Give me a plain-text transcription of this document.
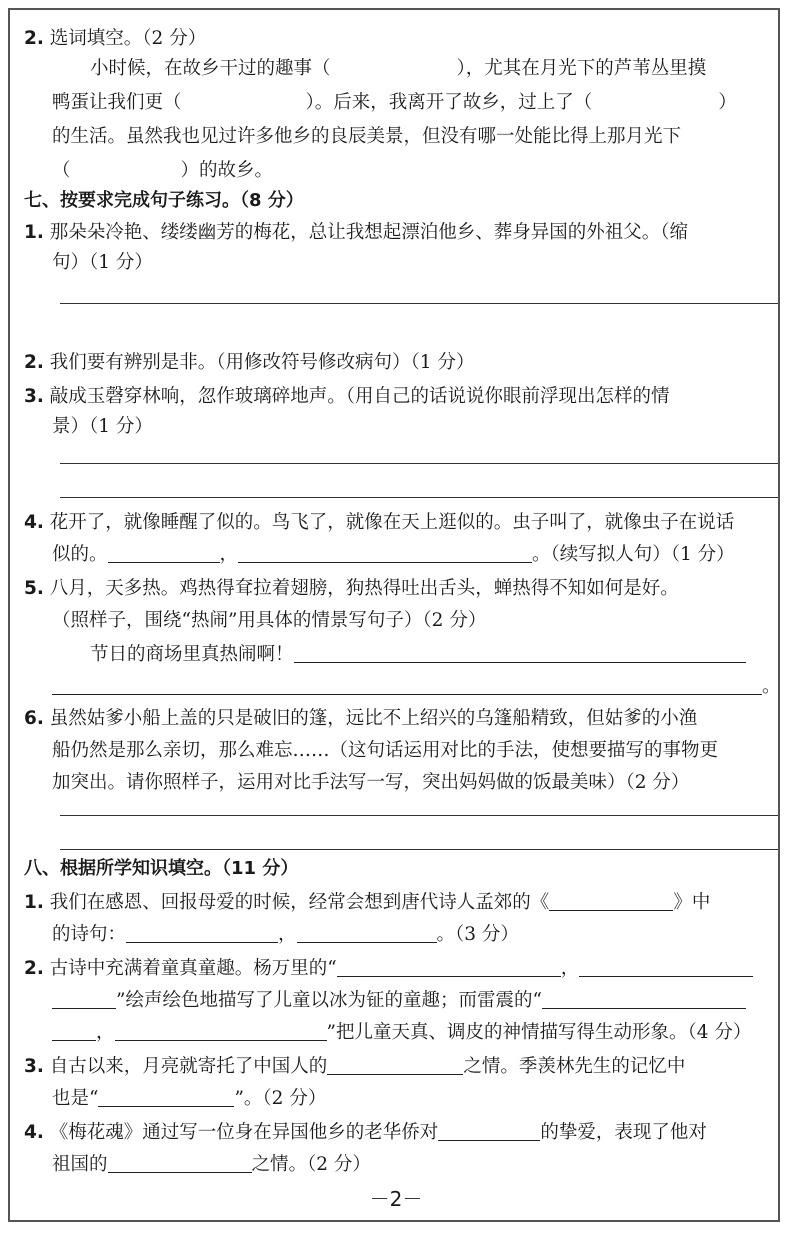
2. 选词填空。（2 分）
小时候，在故乡干过的趣事（	），尤其在月光下的芦苇丛里摸
鸭蛋让我们更（	）。后来，我离开了故乡，过上了（	）
的生活。虽然我也见过许多他乡的良辰美景，但没有哪一处能比得上那月光下
（	）的故乡。
七、按要求完成句子练习。（8 分）
1. 那朵朵冷艳、缕缕幽芳的梅花，总让我想起漂泊他乡、葬身异国的外祖父。（缩
句）（1 分）
2. 我们要有辨别是非。（用修改符号修改病句）（1 分）
3. 敲成玉磬穿林响，忽作玻璃碎地声。（用自己的话说说你眼前浮现出怎样的情
景）（1 分）
4. 花开了，就像睡醒了似的。鸟飞了，就像在天上逛似的。虫子叫了，就像虫子在说话
似的。	，	。（续写拟人句）（1 分）
5. 八月，天多热。鸡热得耷拉着翅膀，狗热得吐出舌头，蝉热得不知如何是好。
（照样子，围绕“热闹”用具体的情景写句子）（2 分）
节日的商场里真热闹啊！
。
6. 虽然姑爹小船上盖的只是破旧的篷，远比不上绍兴的乌篷船精致，但姑爹的小渔
船仍然是那么亲切，那么难忘……（这句话运用对比的手法，使想要描写的事物更
加突出。请你照样子，运用对比手法写一写，突出妈妈做的饭最美味）（2 分）
八、根据所学知识填空。（11 分）
1. 我们在感恩、回报母爱的时候，经常会想到唐代诗人孟郊的《	》中
的诗句：	，	。（3 分）
2. 古诗中充满着童真童趣。杨万里的“	，
”绘声绘色地描写了儿童以冰为钲的童趣；而雷震的“
，	”把儿童天真、调皮的神情描写得生动形象。（4 分）
3. 自古以来，月亮就寄托了中国人的	之情。季羡林先生的记忆中
也是“	”。（2 分）
4. 《梅花魂》通过写一位身在异国他乡的老华侨对	的挚爱，表现了他对
祖国的	之情。（2 分）
－2－
